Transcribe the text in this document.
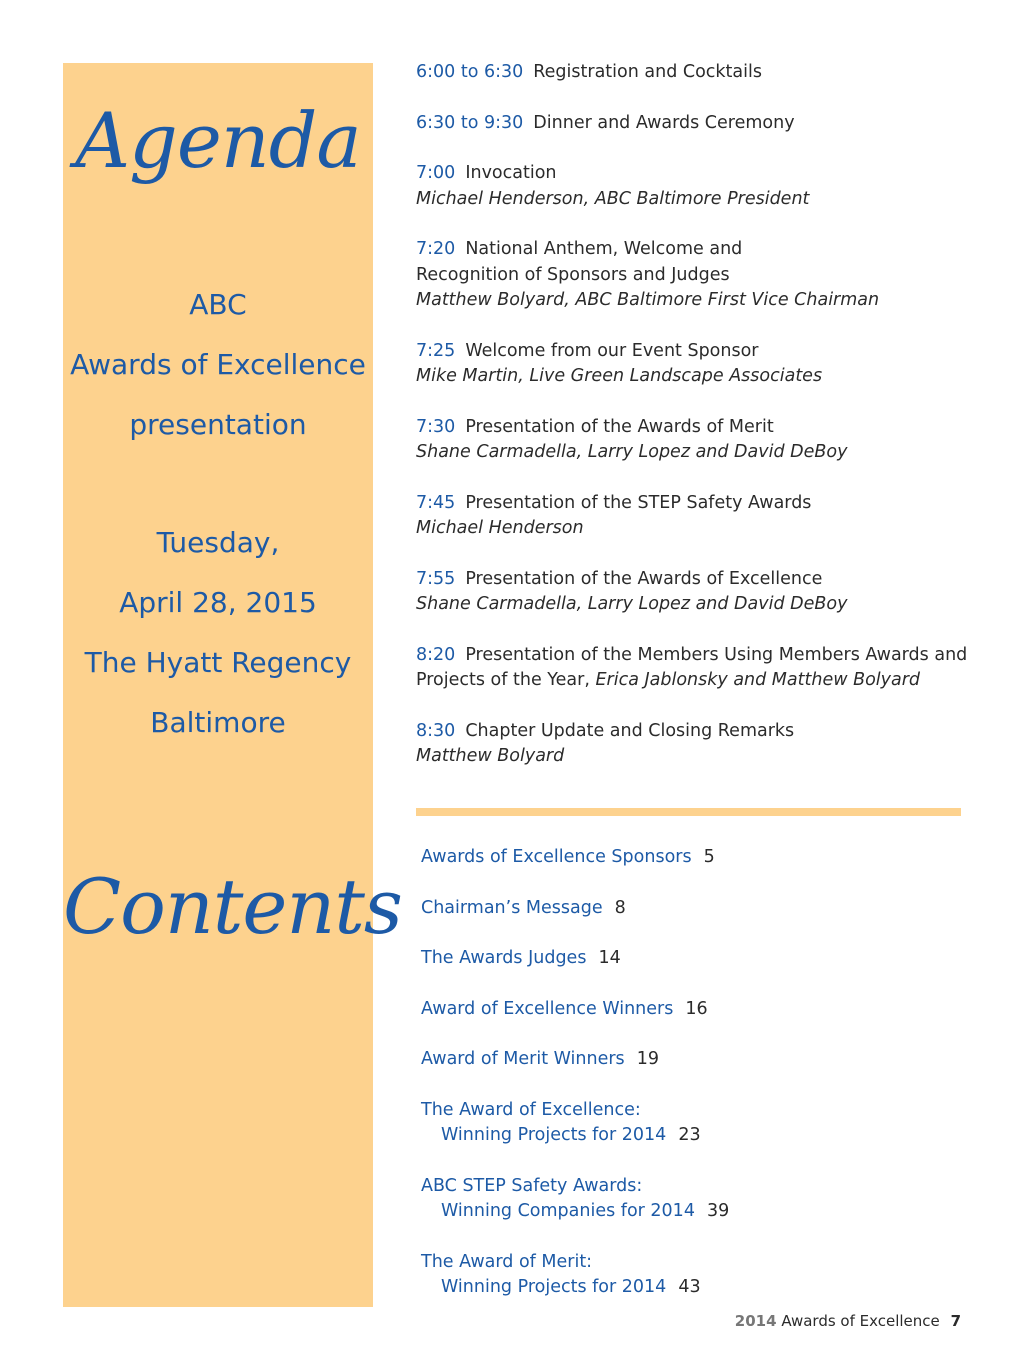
Agenda
ABC
Awards of Excellence
presentation
Tuesday,
April 28, 2015
The Hyatt Regency
Baltimore
Contents
6:00 to 6:30 Registration and Cocktails
6:30 to 9:30 Dinner and Awards Ceremony
7:00 Invocation
Michael Henderson, ABC Baltimore President
7:20 National Anthem, Welcome and
Recognition of Sponsors and Judges
Matthew Bolyard, ABC Baltimore First Vice Chairman
7:25 Welcome from our Event Sponsor
Mike Martin, Live Green Landscape Associates
7:30 Presentation of the Awards of Merit
Shane Carmadella, Larry Lopez and David DeBoy
7:45 Presentation of the STEP Safety Awards
Michael Henderson
7:55 Presentation of the Awards of Excellence
Shane Carmadella, Larry Lopez and David DeBoy
8:20 Presentation of the Members Using Members Awards and
Projects of the Year, Erica Jablonsky and Matthew Bolyard
8:30 Chapter Update and Closing Remarks
Matthew Bolyard
Awards of Excellence Sponsors 5
Chairman’s Message 8
The Awards Judges 14
Award of Excellence Winners 16
Award of Merit Winners 19
The Award of Excellence:
Winning Projects for 2014 23
ABC STEP Safety Awards:
Winning Companies for 2014 39
The Award of Merit:
Winning Projects for 2014 43
2014 Awards of Excellence 7
